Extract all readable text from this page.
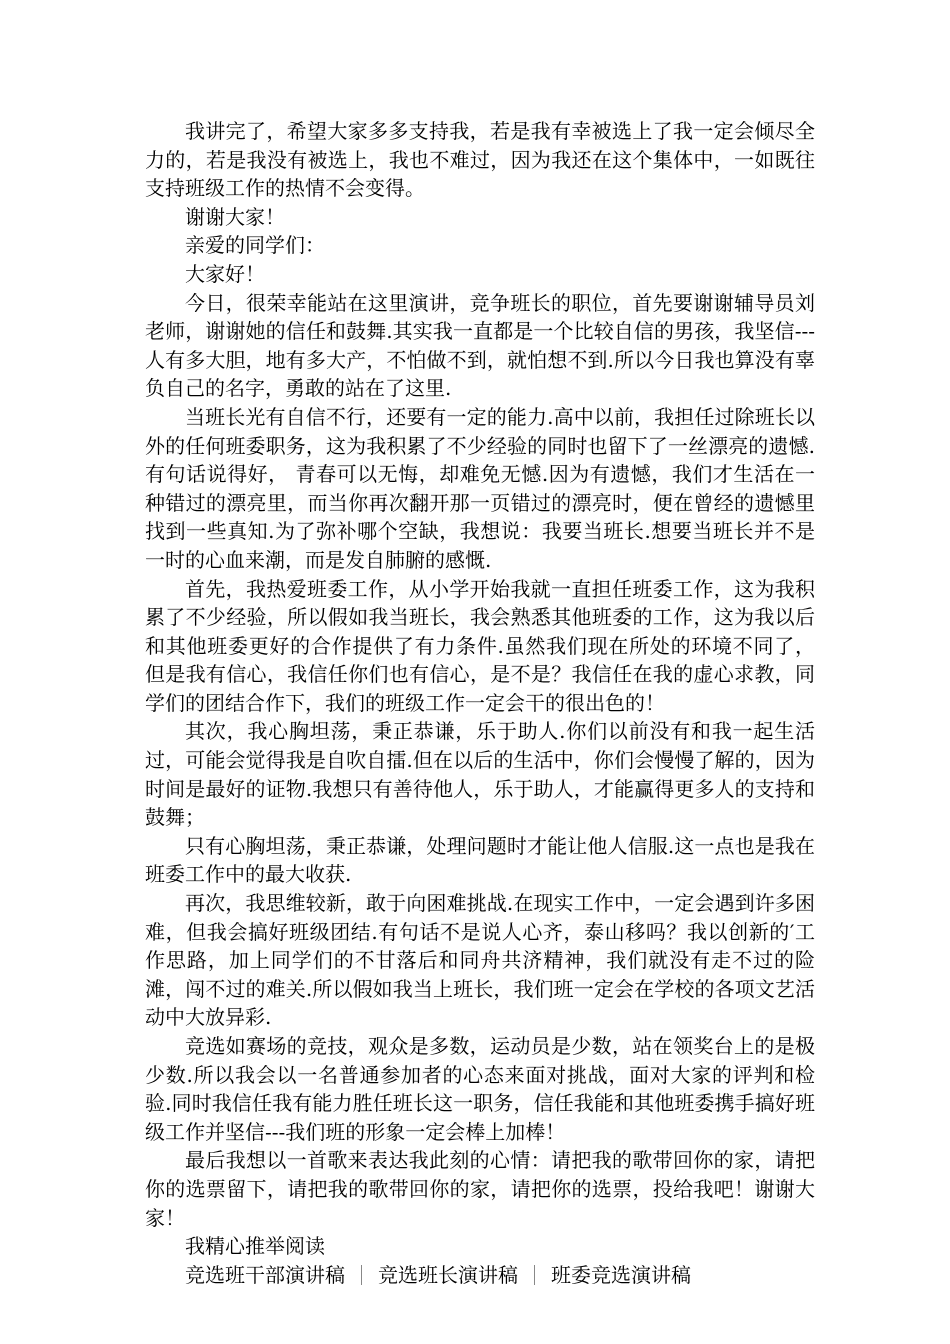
我讲完了，希望大家多多支持我，若是我有幸被选上了我一定会倾尽全力的，若是我没有被选上，我也不难过，因为我还在这个集体中，一如既往支持班级工作的热情不会变得。

谢谢大家！

亲爱的同学们：

大家好！

今日，很荣幸能站在这里演讲，竞争班长的职位，首先要谢谢辅导员刘老师，谢谢她的信任和鼓舞.其实我一直都是一个比较自信的男孩，我坚信---人有多大胆，地有多大产，不怕做不到，就怕想不到.所以今日我也算没有辜负自己的名字，勇敢的站在了这里.

当班长光有自信不行，还要有一定的能力.高中以前，我担任过除班长以外的任何班委职务，这为我积累了不少经验的同时也留下了一丝漂亮的遗憾.有句话说得好， 青春可以无悔，却难免无憾.因为有遗憾，我们才生活在一种错过的漂亮里，而当你再次翻开那一页错过的漂亮时，便在曾经的遗憾里找到一些真知.为了弥补哪个空缺，我想说：我要当班长.想要当班长并不是一时的心血来潮，而是发自肺腑的感慨.

首先，我热爱班委工作，从小学开始我就一直担任班委工作，这为我积累了不少经验，所以假如我当班长，我会熟悉其他班委的工作，这为我以后和其他班委更好的合作提供了有力条件.虽然我们现在所处的环境不同了， 但是我有信心，我信任你们也有信心，是不是？我信任在我的虚心求教，同学们的团结合作下，我们的班级工作一定会干的很出色的！

其次，我心胸坦荡，秉正恭谦，乐于助人.你们以前没有和我一起生活过，可能会觉得我是自吹自擂.但在以后的生活中，你们会慢慢了解的，因为时间是最好的证物.我想只有善待他人，乐于助人，才能赢得更多人的支持和鼓舞；

只有心胸坦荡，秉正恭谦，处理问题时才能让他人信服.这一点也是我在班委工作中的最大收获.

再次，我思维较新，敢于向困难挑战.在现实工作中，一定会遇到许多困难，但我会搞好班级团结.有句话不是说人心齐，泰山移吗？我以创新的′工作思路，加上同学们的不甘落后和同舟共济精神，我们就没有走不过的险滩，闯不过的难关.所以假如我当上班长，我们班一定会在学校的各项文艺活动中大放异彩.

竞选如赛场的竞技，观众是多数，运动员是少数，站在领奖台上的是极少数.所以我会以一名普通参加者的心态来面对挑战，面对大家的评判和检验.同时我信任我有能力胜任班长这一职务，信任我能和其他班委携手搞好班级工作并坚信---我们班的形象一定会棒上加棒！

最后我想以一首歌来表达我此刻的心情：请把我的歌带回你的家，请把你的选票留下，请把我的歌带回你的家，请把你的选票，投给我吧！谢谢大家！

我精心推举阅读

竞选班干部演讲稿 竞选班长演讲稿 班委竞选演讲稿
